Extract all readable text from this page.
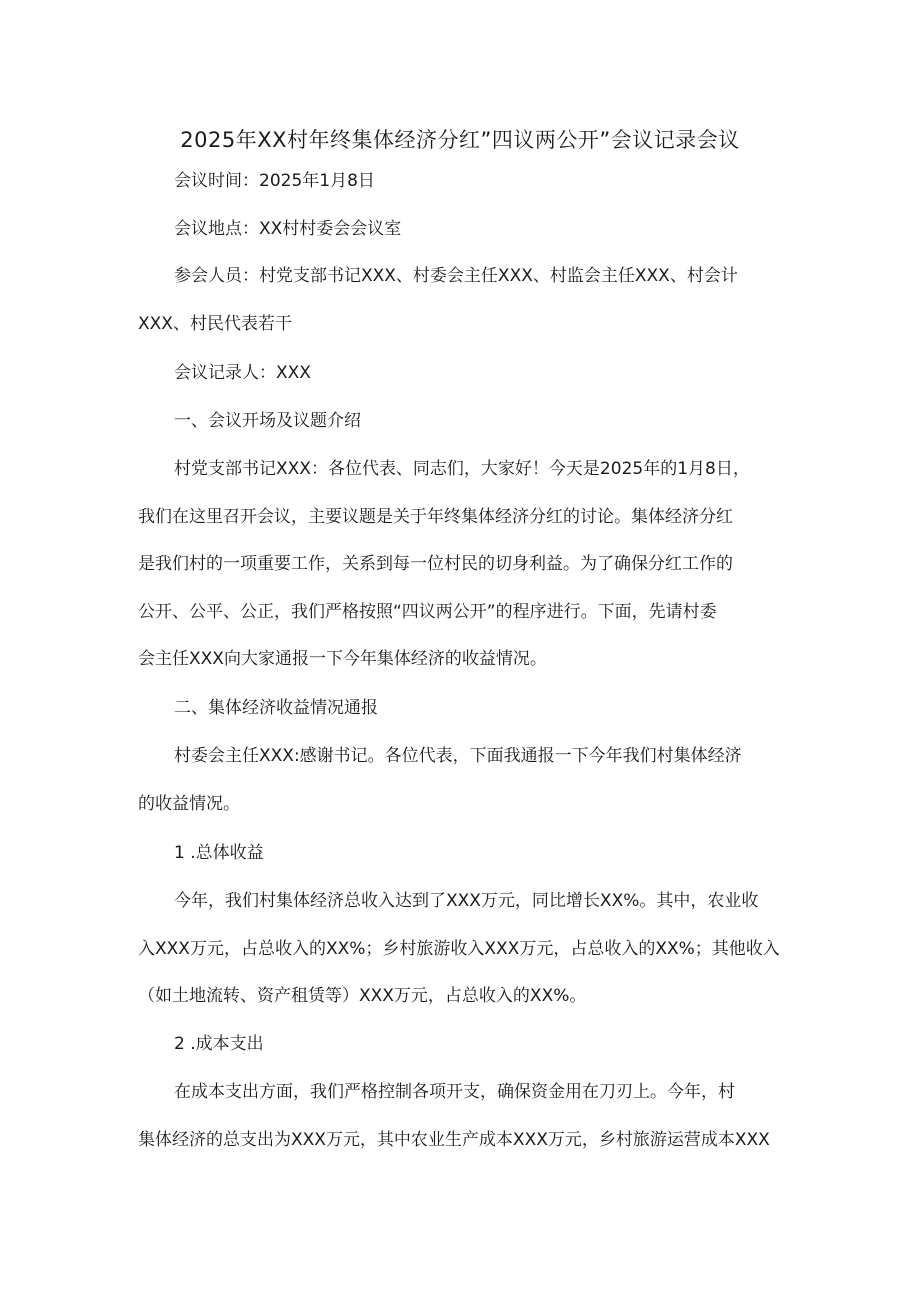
2025年XX村年终集体经济分红”四议两公开”会议记录会议
会议时间：2025年1月8日
会议地点：XX村村委会会议室
参会人员：村党支部书记XXX、村委会主任XXX、村监会主任XXX、村会计
XXX、村民代表若干
会议记录人：XXX
一、会议开场及议题介绍
村党支部书记XXX：各位代表、同志们，大家好！今天是2025年的1月8日，
我们在这里召开会议，主要议题是关于年终集体经济分红的讨论。集体经济分红
是我们村的一项重要工作，关系到每一位村民的切身利益。为了确保分红工作的
公开、公平、公正，我们严格按照“四议两公开”的程序进行。下面，先请村委
会主任XXX向大家通报一下今年集体经济的收益情况。
二、集体经济收益情况通报
村委会主任XXX:感谢书记。各位代表，下面我通报一下今年我们村集体经济
的收益情况。
1 .总体收益
今年，我们村集体经济总收入达到了XXX万元，同比增长XX%。其中，农业收
入XXX万元，占总收入的XX%；乡村旅游收入XXX万元，占总收入的XX%；其他收入
（如土地流转、资产租赁等）XXX万元，占总收入的XX%。
2 .成本支出
在成本支出方面，我们严格控制各项开支，确保资金用在刀刃上。今年，村
集体经济的总支出为XXX万元，其中农业生产成本XXX万元，乡村旅游运营成本XXX
